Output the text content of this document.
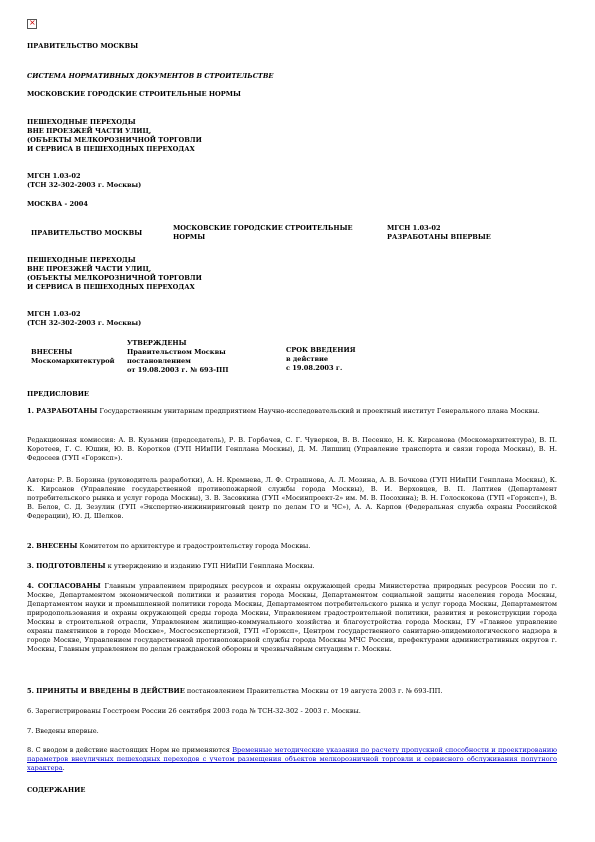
×
ПРАВИТЕЛЬСТВО МОСКВЫ
СИСТЕМА НОРМАТИВНЫХ ДОКУМЕНТОВ В СТРОИТЕЛЬСТВЕ
МОСКОВСКИЕ ГОРОДСКИЕ СТРОИТЕЛЬНЫЕ НОРМЫ
ПЕШЕХОДНЫЕ ПЕРЕХОДЫ
ВНЕ ПРОЕЗЖЕЙ ЧАСТИ УЛИЦ,
(ОБЪЕКТЫ МЕЛКОРОЗНИЧНОЙ ТОРГОВЛИ
И СЕРВИСА В ПЕШЕХОДНЫХ ПЕРЕХОДАХ
МГСН 1.03-02
(ТСН 32-302-2003 г. Москвы)
МОСКВА - 2004
ПРАВИТЕЛЬСТВО МОСКВЫ
МОСКОВСКИЕ ГОРОДСКИЕ СТРОИТЕЛЬНЫЕ
НОРМЫ
МГСН 1.03-02
РАЗРАБОТАНЫ ВПЕРВЫЕ
ПЕШЕХОДНЫЕ ПЕРЕХОДЫ
ВНЕ ПРОЕЗЖЕЙ ЧАСТИ УЛИЦ,
(ОБЪЕКТЫ МЕЛКОРОЗНИЧНОЙ ТОРГОВЛИ
И СЕРВИСА В ПЕШЕХОДНЫХ ПЕРЕХОДАХ
МГСН 1.03-02
(ТСН 32-302-2003 г. Москвы)
ВНЕСЕНЫ
Москомархитектурой
УТВЕРЖДЕНЫ
Правительством Москвы
постановлением
от 19.08.2003 г. № 693-ПП
СРОК ВВЕДЕНИЯ
в действие
с 19.08.2003 г.
ПРЕДИСЛОВИЕ

1. РАЗРАБОТАНЫ Государственным унитарным предприятием Научно-исследовательский и проектный институт Генерального плана Москвы.

Редакционная комиссия: А. В. Кузьмин (председатель), Р. В. Горбачев, С. Г. Чуверков, В. В. Песенко, Н. К. Кирсанова (Москомархитектура), В. П. Коротеев, Г. С. Юшин, Ю. В. Коротков (ГУП НИиПИ Генплана Москвы), Д. М. Липшиц (Управление транспорта и связи города Москвы), В. Н. Федосеев (ГУП «Горэксп»).

Авторы: Р. В. Борзина (руководитель разработки), А. Н. Кремнева, Л. Ф. Страшнова, А. Л. Мозина, А. В. Бочкова (ГУП НИиПИ Генплана Москвы), К. К. Кирсанов (Управление государственной противопожарной службы города Москвы), В. И. Верховцев, В. П. Лаптиев (Департамент потребительского рынка и услуг города Москвы), З. В. Засовкина (ГУП «Мосинпроект-2» им. М. В. Посохина); В. Н. Голоскокова (ГУП «Горэксп»), В. В. Белов, С. Д. Зезулин (ГУП «Экспертно-инжиниринговый центр по делам ГО и ЧС»), А. А. Карпов (Федеральная служба охраны Российской Федерации), Ю. Д. Шелков.

2. ВНЕСЕНЫ Комитетом по архитектуре и градостроительству города Москвы.

3. ПОДГОТОВЛЕНЫ к утверждению и изданию ГУП НИиПИ Генплана Москвы.

4. СОГЛАСОВАНЫ Главным управлением природных ресурсов и охраны окружающей среды Министерства природных ресурсов России по г. Москве, Департаментом экономической политики и развития города Москвы, Департаментом социальной защиты населения города Москвы, Департаментом науки и промышленной политики города Москвы, Департаментом потребительского рынка и услуг города Москвы, Департаментом природопользования и охраны окружающей среды города Москвы, Управлением градостроительной политики, развития и реконструкции города Москвы в строительной отрасли, Управлением жилищно-коммунального хозяйства и благоустройства города Москвы, ГУ «Главное управление охраны памятников в городе Москве», Мосгосэкспертизой, ГУП «Горэксп», Центром государственного санитарно-эпидемиологического надзора в городе Москве, Управлением государственной противопожарной службы города Москвы МЧС России, префектурами административных округов г. Москвы, Главным управлением по делам гражданской обороны и чрезвычайным ситуациям г. Москвы.

5. ПРИНЯТЫ И ВВЕДЕНЫ В ДЕЙСТВИЕ постановлением Правительства Москвы от 19 августа 2003 г. № 693-ПП.

6. Зарегистрированы Госстроем России 26 сентября 2003 года № ТСН-32-302 - 2003 г. Москвы.

7. Введены впервые.

8. С вводом в действие настоящих Норм не применяются Временные методические указания по расчету пропускной способности и проектированию параметров внеуличных пешеходных переходов с учетом размещения объектов мелкорозничной торговли и сервисного обслуживания попутного характера.

СОДЕРЖАНИЕ
